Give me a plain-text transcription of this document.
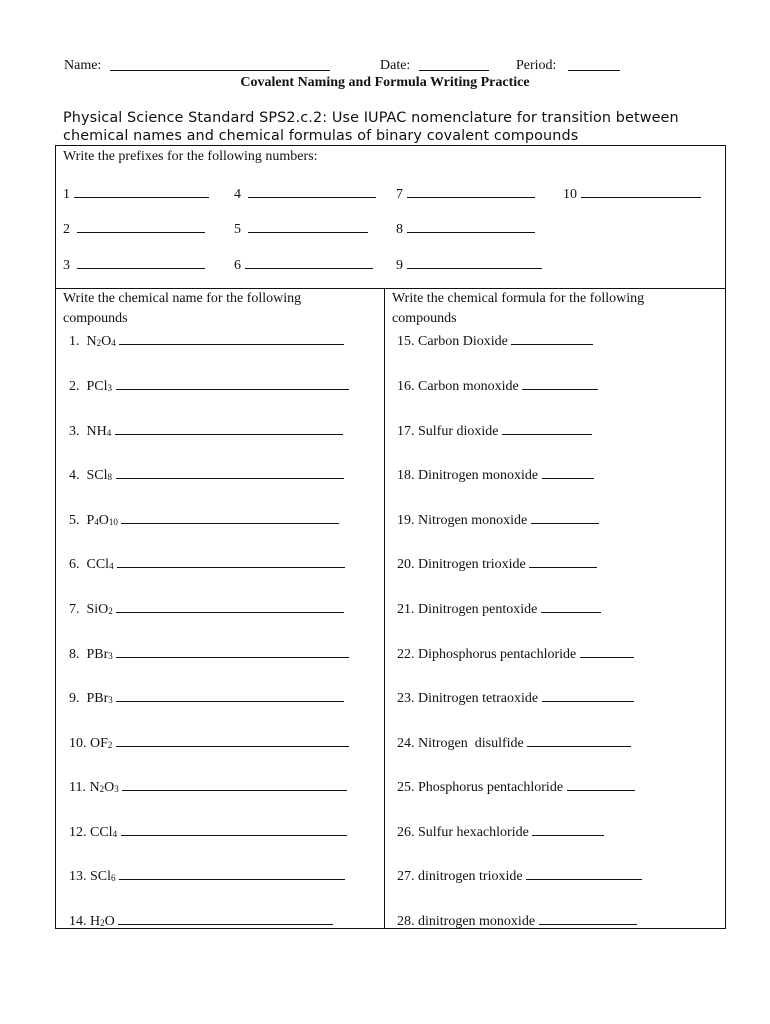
Name:	Date:	Period:
Covalent Naming and Formula Writing Practice
Physical Science Standard SPS2.c.2: Use IUPAC nomenclature for transition between chemical names and chemical formulas of binary covalent compounds
Write the prefixes for the following numbers:
1	4	7	10
2	5	8
3	6	9
Write the chemical name for the following
compounds
1.  N2O4
2.  PCl3
3.  NH4
4.  SCl8
5.  P4O10
6.  CCl4
7.  SiO2
8.  PBr3
9.  PBr3
10. OF2
11. N2O3
12. CCl4
13. SCl6
14. H2O
Write the chemical formula for the following
compounds
15. Carbon Dioxide
16. Carbon monoxide
17. Sulfur dioxide
18. Dinitrogen monoxide
19. Nitrogen monoxide
20. Dinitrogen trioxide
21. Dinitrogen pentoxide
22. Diphosphorus pentachloride
23. Dinitrogen tetraoxide
24. Nitrogen  disulfide
25. Phosphorus pentachloride
26. Sulfur hexachloride
27. dinitrogen trioxide
28. dinitrogen monoxide
